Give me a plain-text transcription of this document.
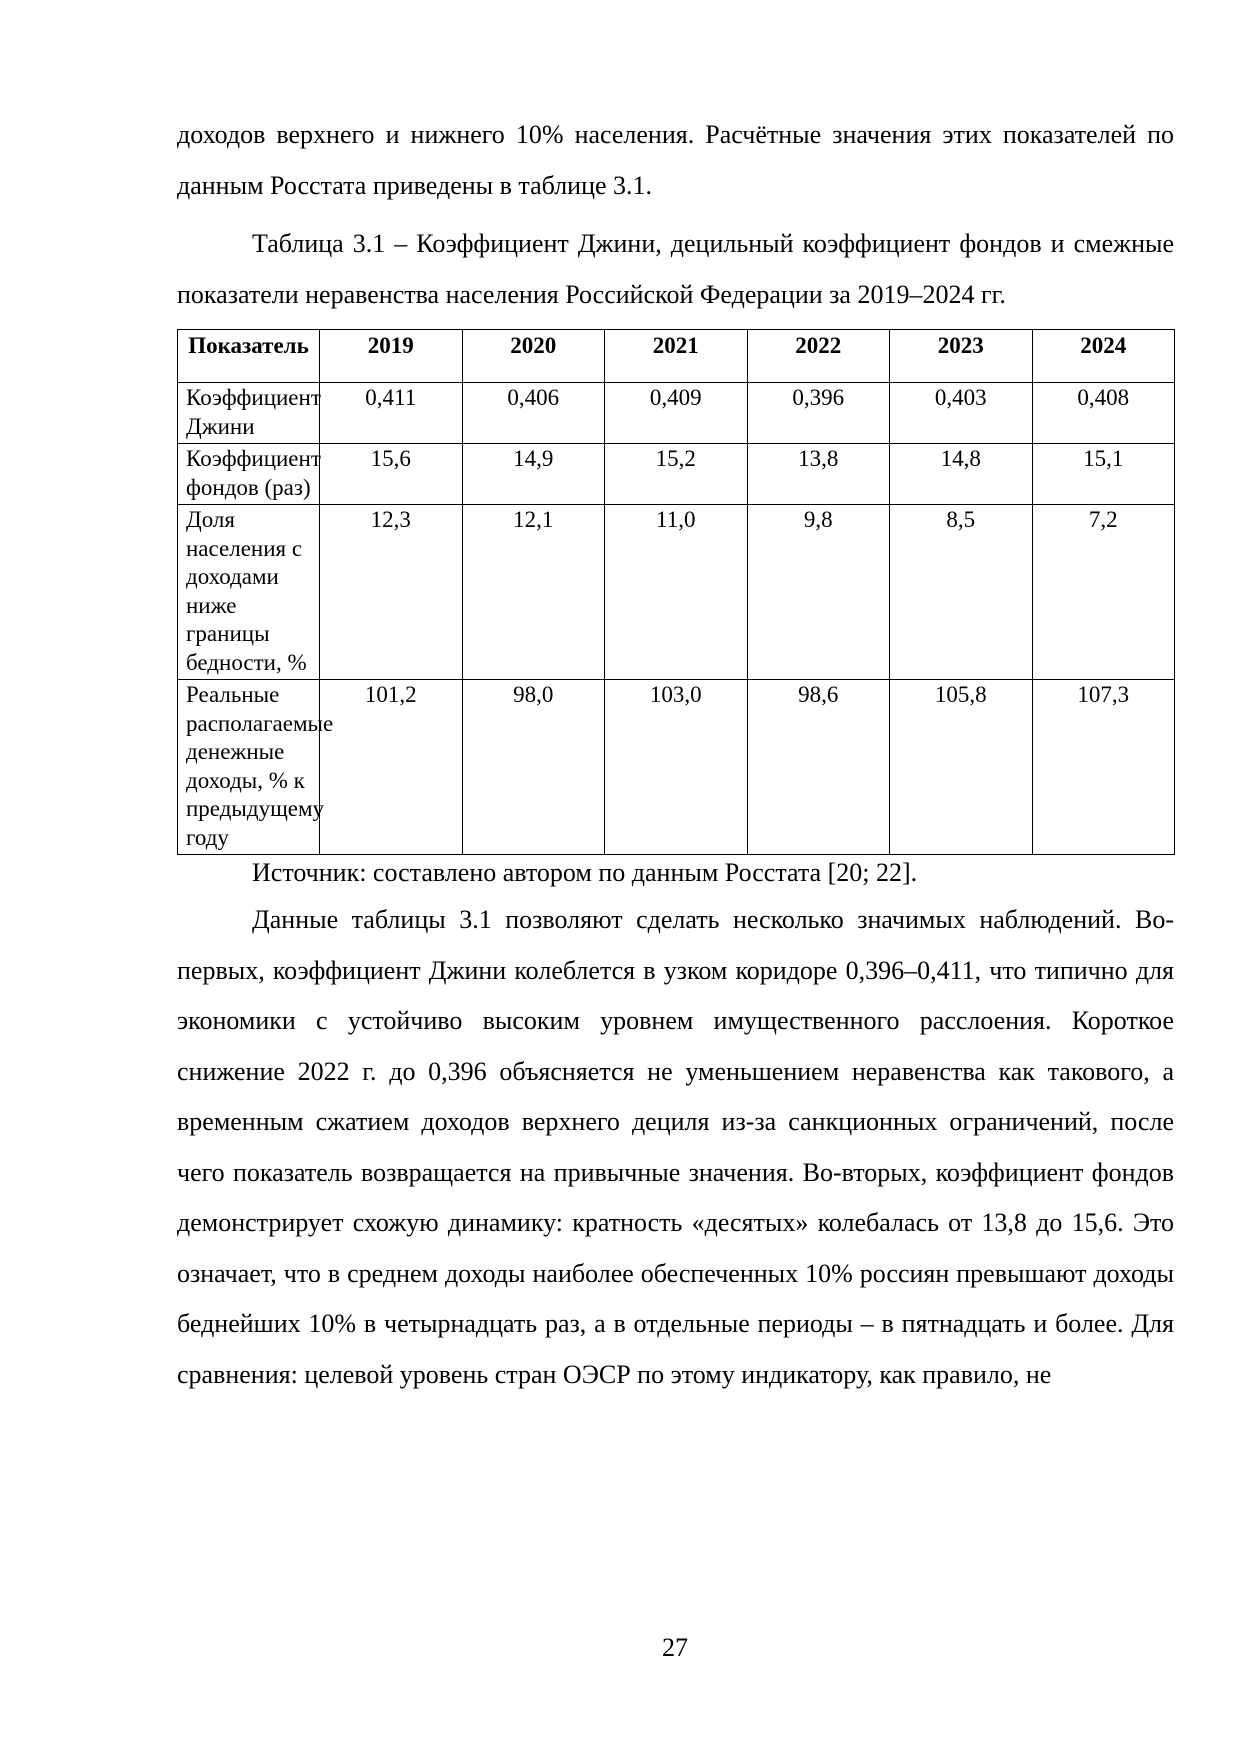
доходов верхнего и нижнего 10% населения. Расчётные значения этих показателей по данным Росстата приведены в таблице 3.1.

Таблица 3.1 – Коэффициент Джини, децильный коэффициент фондов и смежные показатели неравенства населения Российской Федерации за 2019–2024 гг.

Показатель	2019	2020	2021	2022	2023	2024
Коэффициент Джини	0,411	0,406	0,409	0,396	0,403	0,408
Коэффициент фондов (раз)	15,6	14,9	15,2	13,8	14,8	15,1
Доля населения с доходами ниже границы бедности, %	12,3	12,1	11,0	9,8	8,5	7,2
Реальные располагаемые денежные доходы, % к предыдущему году	101,2	98,0	103,0	98,6	105,8	107,3

Источник: составлено автором по данным Росстата [20; 22].

Данные таблицы 3.1 позволяют сделать несколько значимых наблюдений. Во-первых, коэффициент Джини колеблется в узком коридоре 0,396–0,411, что типично для экономики с устойчиво высоким уровнем имущественного расслоения. Короткое снижение 2022 г. до 0,396 объясняется не уменьшением неравенства как такового, а временным сжатием доходов верхнего дециля из-за санкционных ограничений, после чего показатель возвращается на привычные значения. Во-вторых, коэффициент фондов демонстрирует схожую динамику: кратность «десятых» колебалась от 13,8 до 15,6. Это означает, что в среднем доходы наиболее обеспеченных 10% россиян превышают доходы беднейших 10% в четырнадцать раз, а в отдельные периоды – в пятнадцать и более. Для сравнения: целевой уровень стран ОЭСР по этому индикатору, как правило, не

27
